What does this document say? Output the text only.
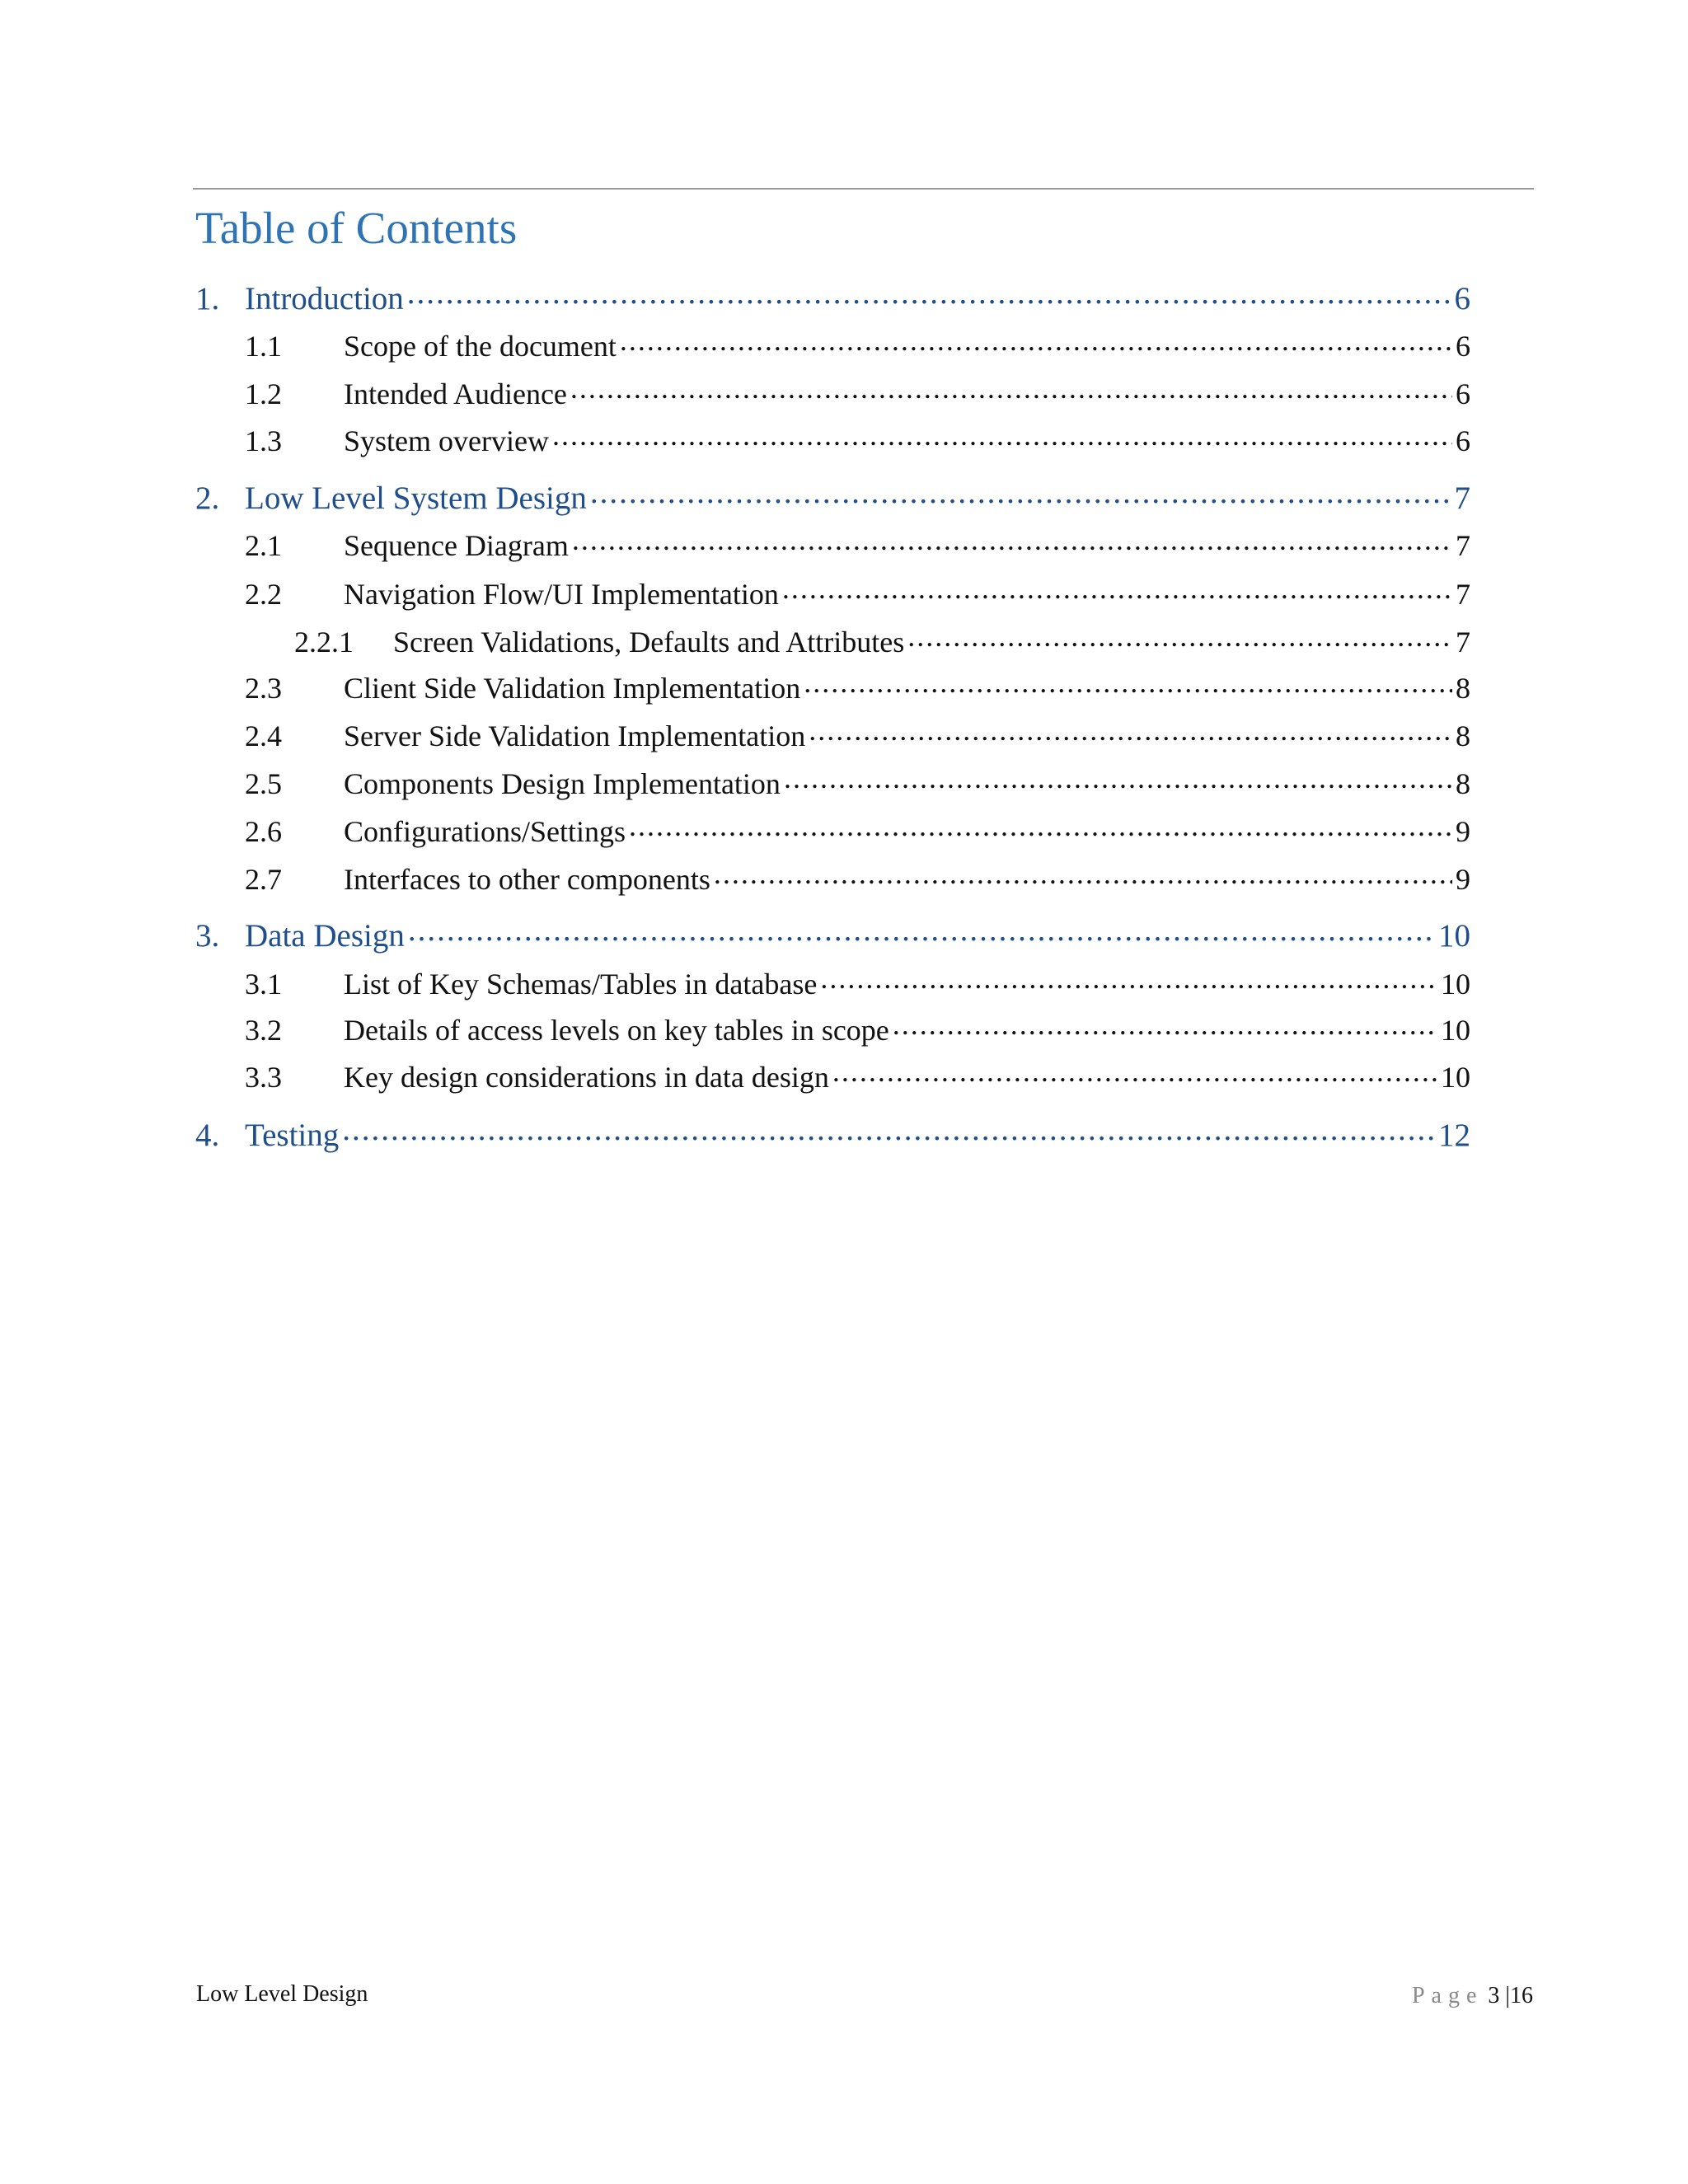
Table of Contents
1. Introduction .....	6
1.1	Scope of the document .....	6
1.2	Intended Audience .....	6
1.3	System overview .....	6
2. Low Level System Design .....	7
2.1	Sequence Diagram .....	7
2.2	Navigation Flow/UI Implementation .....	7
2.2.1	Screen Validations, Defaults and Attributes .....	7
2.3	Client Side Validation Implementation .....	8
2.4	Server Side Validation Implementation .....	8
2.5	Components Design Implementation .....	8
2.6	Configurations/Settings .....	9
2.7	Interfaces to other components .....	9
3. Data Design .....	10
3.1	List of Key Schemas/Tables in database .....	10
3.2	Details of access levels on key tables in scope .....	10
3.3	Key design considerations in data design .....	10
4. Testing .....	12
Low Level Design	Page 3 |16
